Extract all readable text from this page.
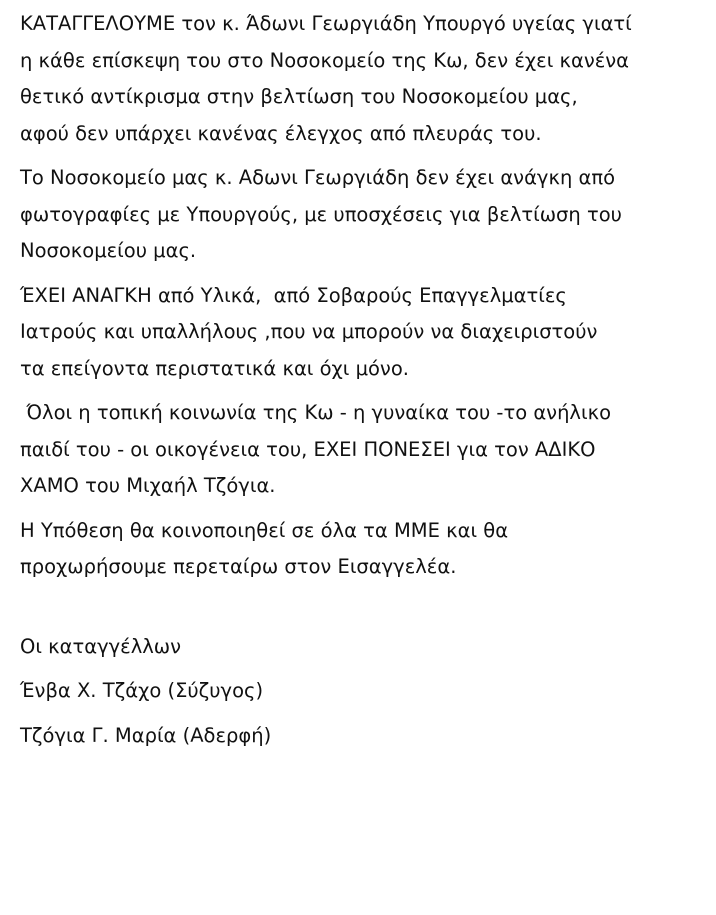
ΚΑΤΑΓΓΕΛΟΥΜΕ τον κ. Άδωνι Γεωργιάδη Υπουργό υγείας γιατί
η κάθε επίσκεψη του στο Νοσοκομείο της Κω, δεν έχει κανένα
θετικό αντίκρισμα στην βελτίωση του Νοσοκομείου μας,
αφού δεν υπάρχει κανένας έλεγχος από πλευράς του.
Το Νοσοκομείο μας κ. Αδωνι Γεωργιάδη δεν έχει ανάγκη από
φωτογραφίες με Υπουργούς, με υποσχέσεις για βελτίωση του
Νοσοκομείου μας.
ΈΧΕΙ ΑΝΑΓΚΗ από Υλικά,  από Σοβαρούς Επαγγελματίες
Ιατρούς και υπαλλήλους ,που να μπορούν να διαχειριστούν
τα επείγοντα περιστατικά και όχι μόνο.
Όλοι η τοπική κοινωνία της Κω - η γυναίκα του -το ανήλικο
παιδί του - οι οικογένεια του, ΕΧΕΙ ΠΟΝΕΣΕΙ για τον ΑΔΙΚΟ
ΧΑΜΟ του Μιχαήλ Τζόγια.
Η Υπόθεση θα κοινοποιηθεί σε όλα τα ΜΜΕ και θα
προχωρήσουμε περεταίρω στον Εισαγγελέα.
Οι καταγγέλλων
Ένβα Χ. Τζάχο (Σύζυγος)
Τζόγια Γ. Μαρία (Αδερφή)
